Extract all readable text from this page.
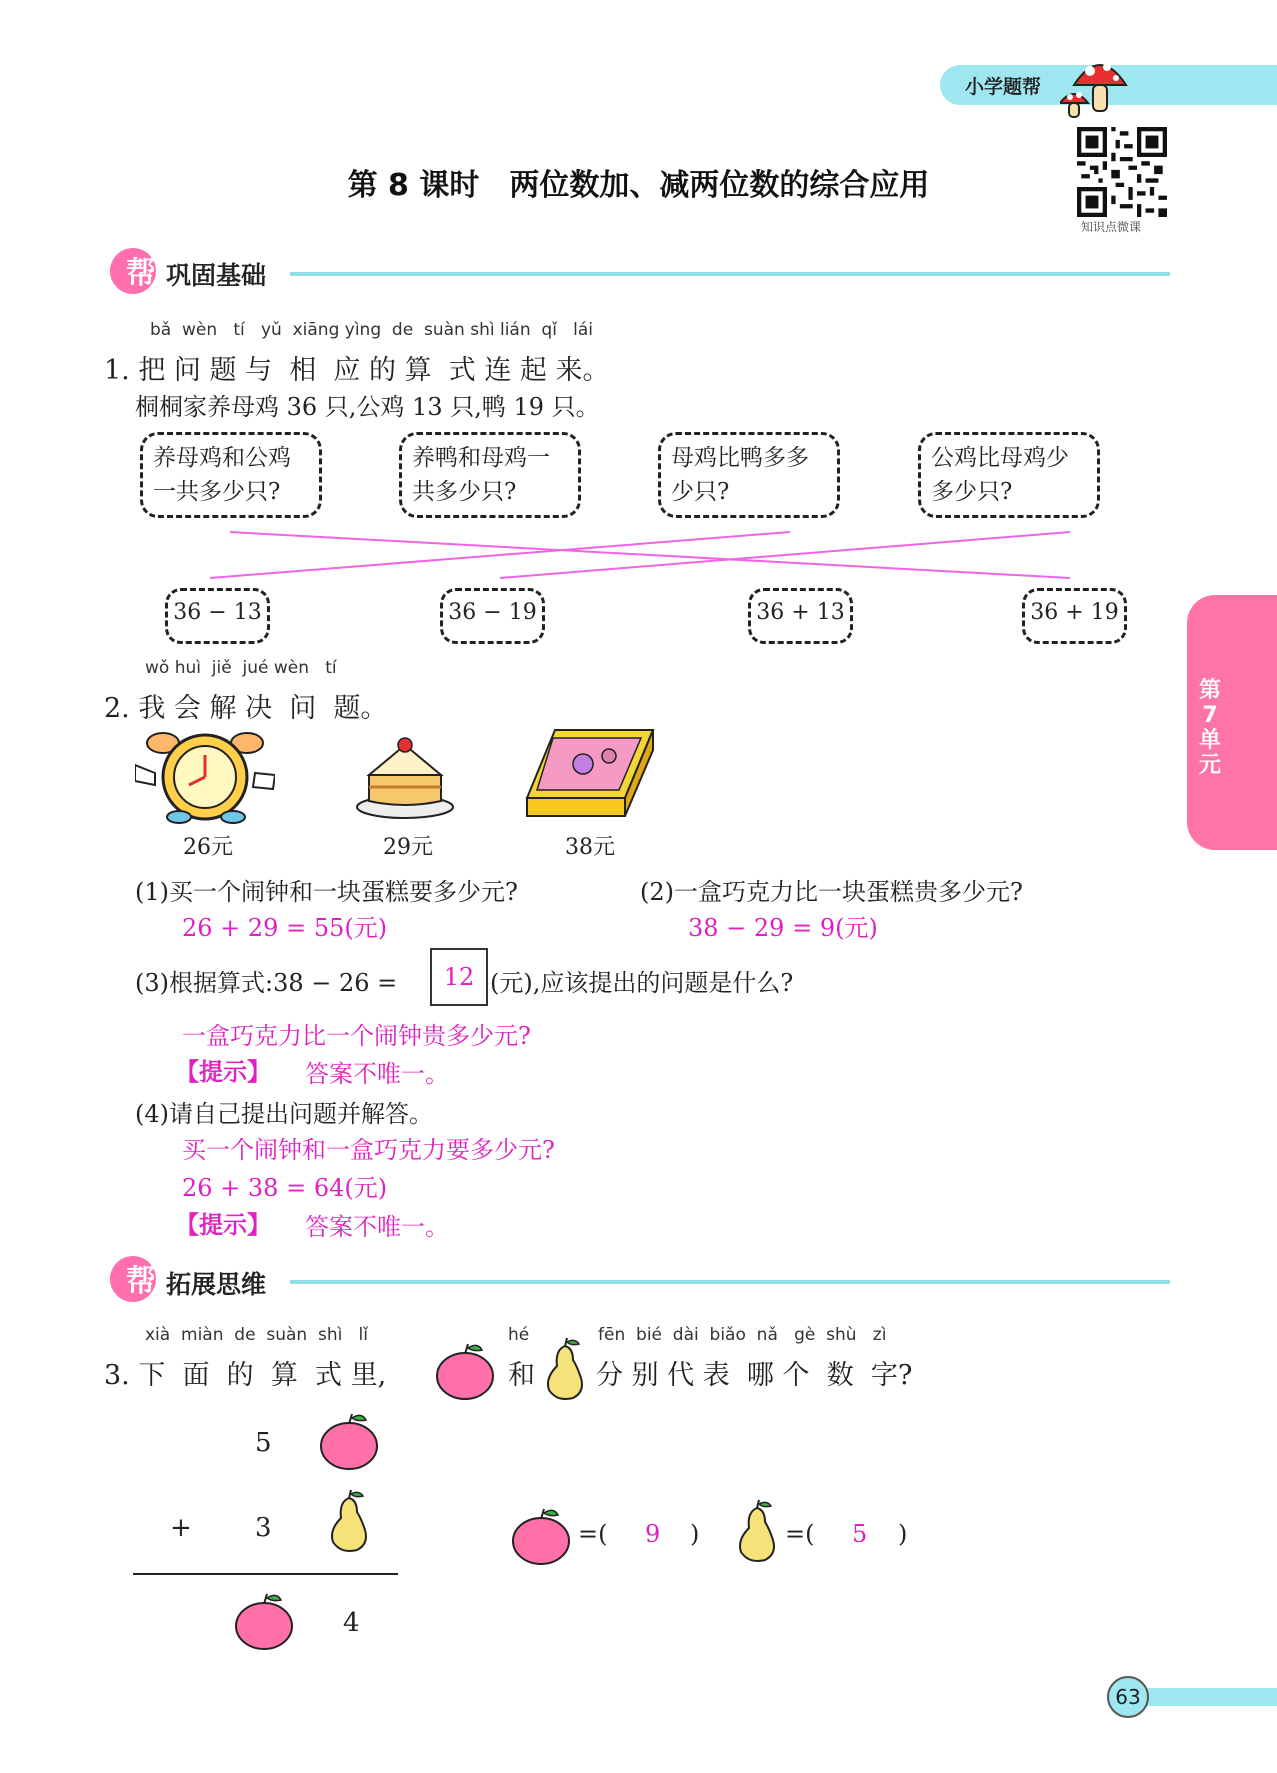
小学题帮
知识点微课
第 8 课时　两位数加、减两位数的综合应用
帮 巩固基础
bǎ  wèn   tí   yǔ  xiāng yìng  de  suàn shì lián  qǐ   lái
1. 把 问 题 与  相  应 的 算  式 连 起 来。
桐桐家养母鸡 36 只,公鸡 13 只,鸭 19 只。
养母鸡和公鸡
一共多少只?
养鸭和母鸡一
共多少只?
母鸡比鸭多多
少只?
公鸡比母鸡少
多少只?
36 − 13	36 − 19	36 + 13	36 + 19
wǒ huì  jiě  jué wèn   tí
2. 我 会 解 决  问  题。
26元	29元	38元
(1)买一个闹钟和一块蛋糕要多少元?
26 + 29 = 55(元)
(2)一盒巧克力比一块蛋糕贵多少元?
38 − 29 = 9(元)
(3)根据算式:38 − 26 =	12 (元),应该提出的问题是什么?
一盒巧克力比一个闹钟贵多少元?
【提示】 答案不唯一。
(4)请自己提出问题并解答。
买一个闹钟和一盒巧克力要多少元?
26 + 38 = 64(元)
【提示】 答案不唯一。
帮 拓展思维
xià  miàn  de  suàn  shì   lǐ	hé	fēn  bié  dài  biǎo  nǎ   gè  shù   zì
3. 下  面  的  算  式 里,	和 分 别 代 表  哪 个  数  字?
5
+ 3
4
=( 9 )	=( 5 )
第7单元
63
